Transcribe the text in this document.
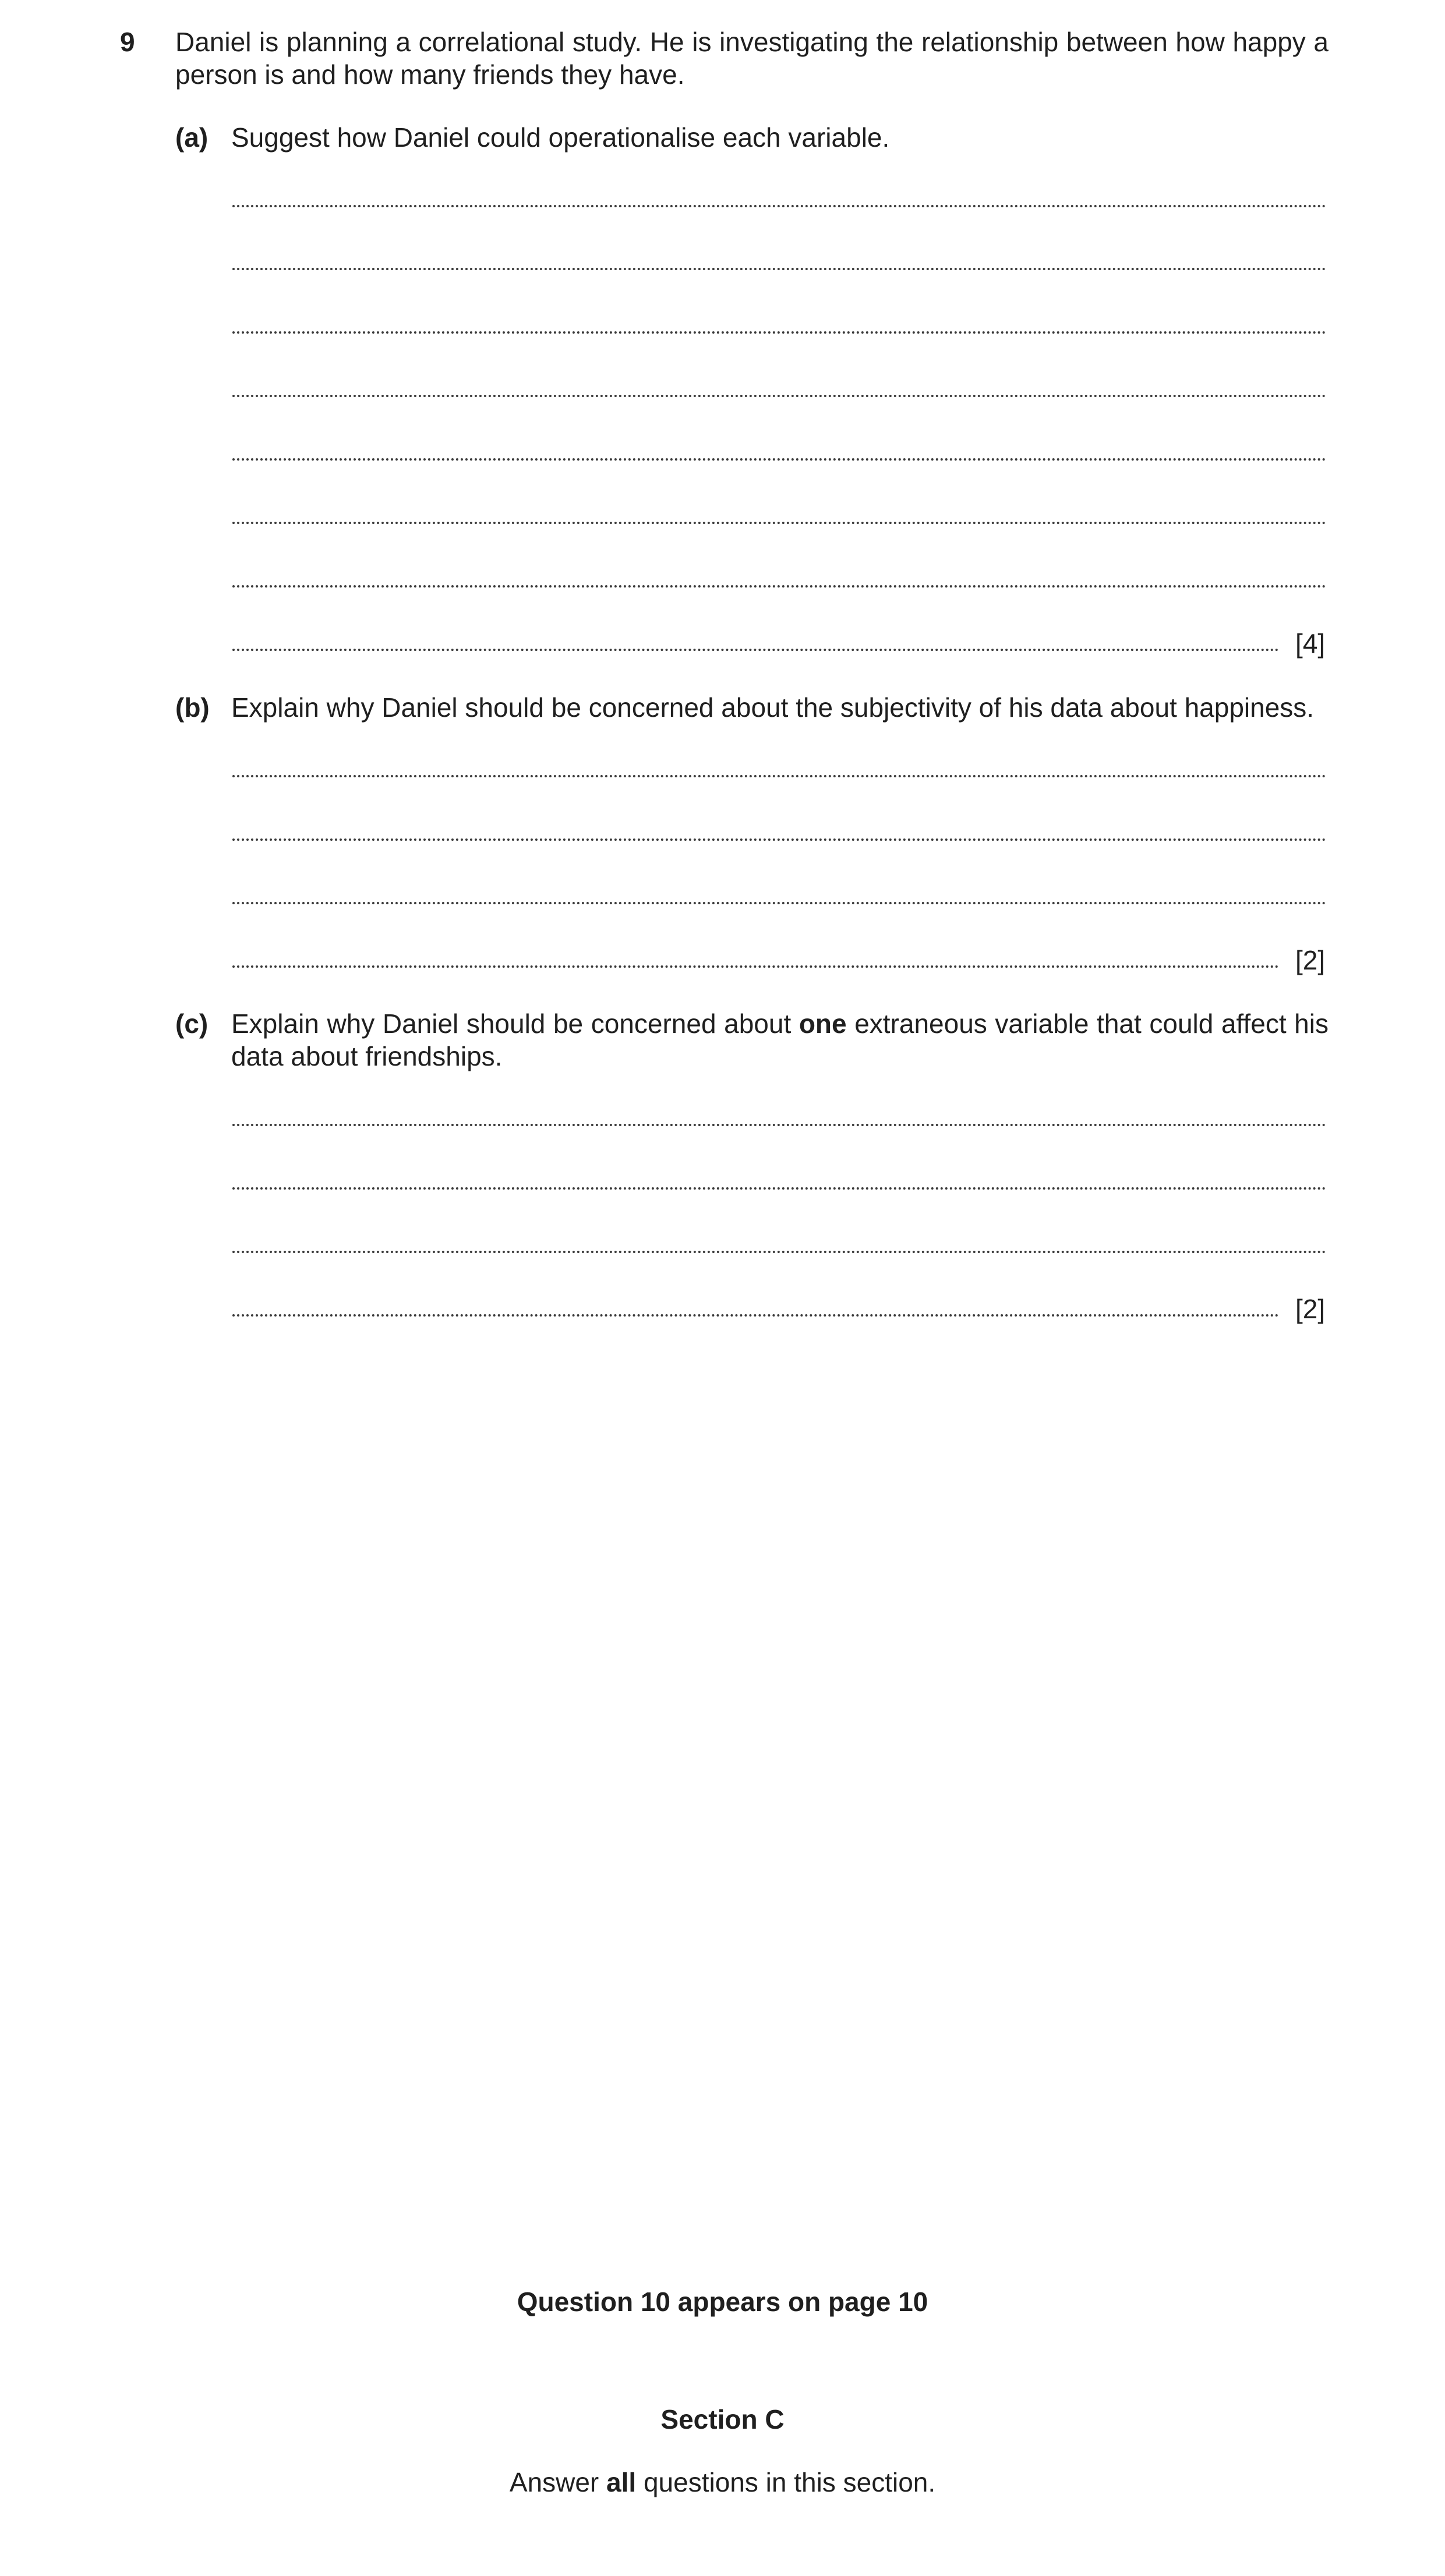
9 Daniel is planning a correlational study. He is investigating the relationship between how happy a person is and how many friends they have.
(a) Suggest how Daniel could operationalise each variable.
[4]
(b) Explain why Daniel should be concerned about the subjectivity of his data about happiness.
[2]
(c) Explain why Daniel should be concerned about one extraneous variable that could affect his data about friendships.
[2]
Question 10 appears on page 10
Section C
Answer all questions in this section.
